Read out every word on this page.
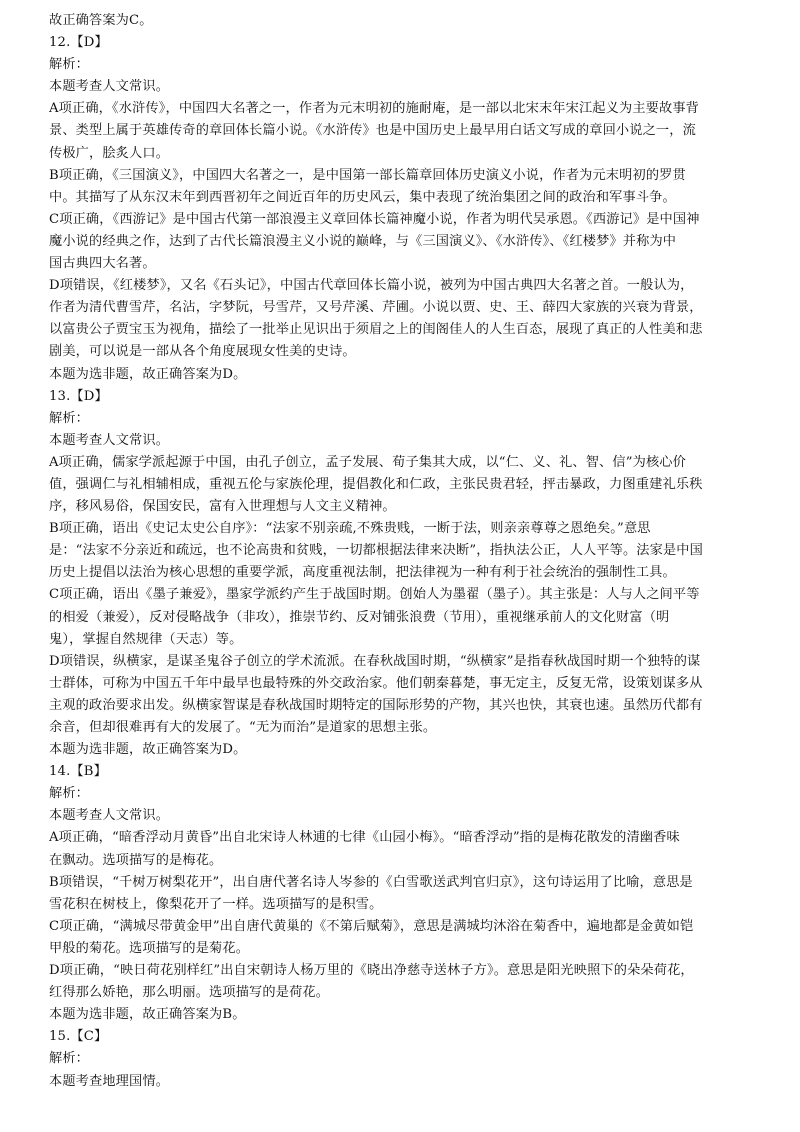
故正确答案为C。
12.【D】
解析：
本题考查人文常识。
A项正确，《水浒传》，中国四大名著之一，作者为元末明初的施耐庵，是一部以北宋末年宋江起义为主要故事背
景、类型上属于英雄传奇的章回体长篇小说。《水浒传》也是中国历史上最早用白话文写成的章回小说之一，流
传极广，脍炙人口。
B项正确，《三国演义》，中国四大名著之一，是中国第一部长篇章回体历史演义小说，作者为元末明初的罗贯
中。其描写了从东汉末年到西晋初年之间近百年的历史风云，集中表现了统治集团之间的政治和军事斗争。
C项正确，《西游记》是中国古代第一部浪漫主义章回体长篇神魔小说，作者为明代吴承恩。《西游记》是中国神
魔小说的经典之作，达到了古代长篇浪漫主义小说的巅峰，与《三国演义》、《水浒传》、《红楼梦》并称为中
国古典四大名著。
D项错误，《红楼梦》，又名《石头记》，中国古代章回体长篇小说，被列为中国古典四大名著之首。一般认为，
作者为清代曹雪芹，名沾，字梦阮，号雪芹，又号芹溪、芹圃。小说以贾、史、王、薛四大家族的兴衰为背景，
以富贵公子贾宝玉为视角，描绘了一批举止见识出于须眉之上的闺阁佳人的人生百态，展现了真正的人性美和悲
剧美，可以说是一部从各个角度展现女性美的史诗。
本题为选非题，故正确答案为D。
13.【D】
解析：
本题考查人文常识。
A项正确，儒家学派起源于中国，由孔子创立，孟子发展、荀子集其大成，以“仁、义、礼、智、信”为核心价
值，强调仁与礼相辅相成，重视五伦与家族伦理，提倡教化和仁政，主张民贵君轻，抨击暴政，力图重建礼乐秩
序，移风易俗，保国安民，富有入世理想与人文主义精神。
B项正确，语出《史记太史公自序》：“法家不别亲疏,不殊贵贱，一断于法，则亲亲尊尊之恩绝矣。”意思
是：“法家不分亲近和疏远，也不论高贵和贫贱，一切都根据法律来决断”，指执法公正，人人平等。法家是中国
历史上提倡以法治为核心思想的重要学派，高度重视法制，把法律视为一种有利于社会统治的强制性工具。
C项正确，语出《墨子兼爱》，墨家学派约产生于战国时期。创始人为墨翟（墨子）。其主张是：人与人之间平等
的相爱（兼爱），反对侵略战争（非攻），推崇节约、反对铺张浪费（节用），重视继承前人的文化财富（明
鬼），掌握自然规律（天志）等。
D项错误，纵横家，是谋圣鬼谷子创立的学术流派。在春秋战国时期，“纵横家”是指春秋战国时期一个独特的谋
士群体，可称为中国五千年中最早也最特殊的外交政治家。他们朝秦暮楚，事无定主，反复无常，设策划谋多从
主观的政治要求出发。纵横家智谋是春秋战国时期特定的国际形势的产物，其兴也快，其衰也速。虽然历代都有
余音，但却很难再有大的发展了。“无为而治”是道家的思想主张。
本题为选非题，故正确答案为D。
14.【B】
解析：
本题考查人文常识。
A项正确，“暗香浮动月黄昏”出自北宋诗人林逋的七律《山园小梅》。“暗香浮动”指的是梅花散发的清幽香味
在飘动。选项描写的是梅花。
B项错误，“千树万树梨花开”，出自唐代著名诗人岑参的《白雪歌送武判官归京》，这句诗运用了比喻，意思是
雪花积在树枝上，像梨花开了一样。选项描写的是积雪。
C项正确，“满城尽带黄金甲”出自唐代黄巢的《不第后赋菊》，意思是满城均沐浴在菊香中，遍地都是金黄如铠
甲般的菊花。选项描写的是菊花。
D项正确，“映日荷花别样红”出自宋朝诗人杨万里的《晓出净慈寺送林子方》。意思是阳光映照下的朵朵荷花，
红得那么娇艳，那么明丽。选项描写的是荷花。
本题为选非题，故正确答案为B。
15.【C】
解析：
本题考查地理国情。
